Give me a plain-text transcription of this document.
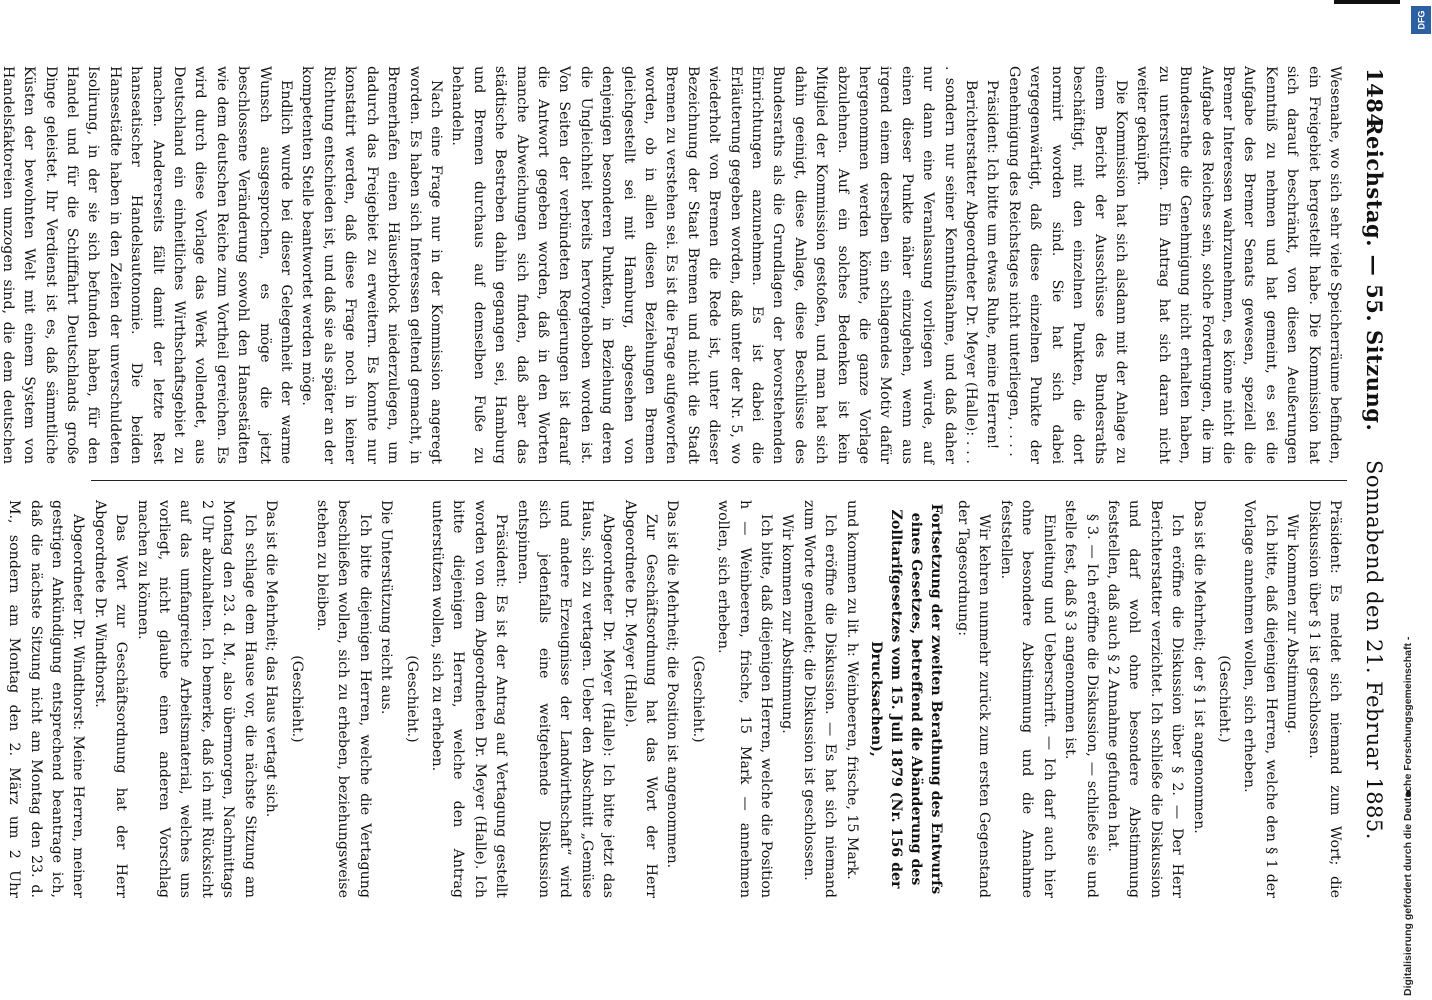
1484
Reichstag. — 55. Sitzung.    Sonnabend den 21. Februar 1885.

Wesenahe, wo sich sehr viele Speicherräume befinden, ein Freigebiet hergestellt habe. Die Kommission hat sich darauf beschränkt, von diesen Aeußerungen Kenntniß zu nehmen und hat gemeint, es sei die Aufgabe des Bremer Senats gewesen, speziell die Bremer Interessen wahrzunehmen, es könne nicht die Aufgabe des Reiches sein, solche Forderungen, die im Bundesrathe die Genehmigung nicht erhalten haben, zu unterstützen. Ein Antrag hat sich daran nicht weiter geknüpft.

Die Kommission hat sich alsdann mit der Anlage zu einem Bericht der Ausschüsse des Bundesraths beschäftigt, mit den einzelnen Punkten, die dort normirt worden sind. Sie hat sich dabei vergegenwärtigt, daß diese einzelnen Punkte der Genehmigung des Reichstages nicht unterliegen, . . . .

Präsident: Ich bitte um etwas Ruhe, meine Herren!

Berichterstatter Abgeordneter Dr. Meyer (Halle): . . . . sondern nur seiner Kenntnißnahme, und daß daher nur dann eine Veranlassung vorliegen würde, auf einen dieser Punkte näher einzugehen, wenn aus irgend einem derselben ein schlagendes Motiv dafür hergenommen werden könnte, die ganze Vorlage abzulehnen. Auf ein solches Bedenken ist kein Mitglied der Kommission gestoßen, und man hat sich dahin geeinigt, diese Anlage, diese Beschlüsse des Bundesraths als die Grundlagen der bevorstehenden Einrichtungen anzunehmen. Es ist dabei die Erläuterung gegeben worden, daß unter der Nr. 5, wo wiederholt von Bremen die Rede ist, unter dieser Bezeichnung der Staat Bremen und nicht die Stadt Bremen zu verstehen sei. Es ist die Frage aufgeworfen worden, ob in allen diesen Beziehungen Bremen gleichgestellt sei mit Hamburg, abgesehen von denjenigen besonderen Punkten, in Beziehung deren die Ungleichheit bereits hervorgehoben worden ist. Von Seiten der verbündeten Regierungen ist darauf die Antwort gegeben worden, daß in den Worten manche Abweichungen sich finden, daß aber das städtische Bestreben dahin gegangen sei, Hamburg und Bremen durchaus auf demselben Fuße zu behandeln.

Nach eine Frage nur in der Kommission angeregt worden. Es haben sich Interessen geltend gemacht, in Bremerhafen einen Häuserblock niederzulegen, um dadurch das Freigebiet zu erweitern. Es konnte nur konstatirt werden, daß diese Frage noch in keiner Richtung entschieden ist, und daß sie als später an der kompetenten Stelle beantwortet werden möge.

Endlich wurde bei dieser Gelegenheit der warme Wunsch ausgesprochen, es möge die jetzt beschlossene Veränderung sowohl den Hansestädten wie dem deutschen Reiche zum Vortheil gereichen. Es wird durch diese Vorlage das Werk vollendet, aus Deutschland ein einheitliches Wirthschaftsgebiet zu machen. Andererseits fällt damit der letzte Rest hanseatischer Handelsautonomie. Die beiden Hansestädte haben in den Zeiten der unverschuldeten Isolirung, in der sie sich befunden haben, für den Handel und für die Schifffahrt Deutschlands große Dinge geleistet. Ihr Verdienst ist es, daß sämmtliche Küsten der bewohnten Welt mit einem System von Handelsfaktoreien umzogen sind, die dem deutschen

Präsident: Es meldet sich niemand zum Wort; die Diskussion über § 1 ist geschlossen.

Wir kommen zur Abstimmung.

Ich bitte, daß diejenigen Herren, welche den § 1 der Vorlage annehmen wollen, sich erheben.

(Geschieht.)

Das ist die Mehrheit; der § 1 ist angenommen.

Ich eröffne die Diskussion über § 2. — Der Herr Berichterstatter verzichtet. Ich schließe die Diskussion und darf wohl ohne besondere Abstimmung feststellen, daß auch § 2 Annahme gefunden hat.

§ 3. — Ich eröffne die Diskussion, — schließe sie und stelle fest, daß § 3 angenommen ist.

Einleitung und Ueberschrift. — Ich darf auch hier ohne besondere Abstimmung und die Annahme feststellen.

Wir kehren nunmehr zurück zum ersten Gegenstand der Tagesordnung:

Fortsetzung der zweiten Berathung des Entwurfs eines Gesetzes, betreffend die Abänderung des Zolltarifgesetzes vom 15. Juli 1879 (Nr. 156 der Drucksachen),

und kommen zu lit. h: Weinbeeren, frische, 15 Mark.

Ich eröffne die Diskussion. — Es hat sich niemand zum Worte gemeldet; die Diskussion ist geschlossen.

Wir kommen zur Abstimmung.

Ich bitte, daß diejenigen Herren, welche die Position h — Weinbeeren, frische, 15 Mark — annehmen wollen, sich erheben.

(Geschieht.)

Das ist die Mehrheit; die Position ist angenommen.

Zur Geschäftsordnung hat das Wort der Herr Abgeordnete Dr. Meyer (Halle).

Abgeordneter Dr. Meyer (Halle): Ich bitte jetzt das Haus, sich zu vertagen. Ueber den Abschnitt „Gemüse und andere Erzeugnisse der Landwirthschaft“ wird sich jedenfalls eine weitgehende Diskussion entspinnen.

Präsident: Es ist der Antrag auf Vertagung gestellt worden von dem Abgeordneten Dr. Meyer (Halle). Ich bitte diejenigen Herren, welche den Antrag unterstützen wollen, sich zu erheben.

(Geschieht.)

Die Unterstützung reicht aus.

Ich bitte diejenigen Herren, welche die Vertagung beschließen wollen, sich zu erheben, beziehungsweise stehen zu bleiben.

(Geschieht.)

Das ist die Mehrheit; das Haus vertagt sich.

Ich schlage dem Hause vor, die nächste Sitzung am Montag den 23. d. M., also übermorgen, Nachmittags 2 Uhr abzuhalten. Ich bemerke, daß ich mit Rücksicht auf das umfangreiche Arbeitsmaterial, welches uns vorliegt, nicht glaube einen anderen Vorschlag machen zu können.

Das Wort zur Geschäftsordnung hat der Herr Abgeordnete Dr. Windthorst.

Abgeordneter Dr. Windthorst: Meine Herren, meiner gestrigen Ankündigung entsprechend beantrage ich, daß die nächste Sitzung nicht am Montag den 23. d. M., sondern am Montag den 2. März um 2 Uhr

DFG
Digitalisierung gefördert durch die Deutsche Forschungsgemeinschaft -
